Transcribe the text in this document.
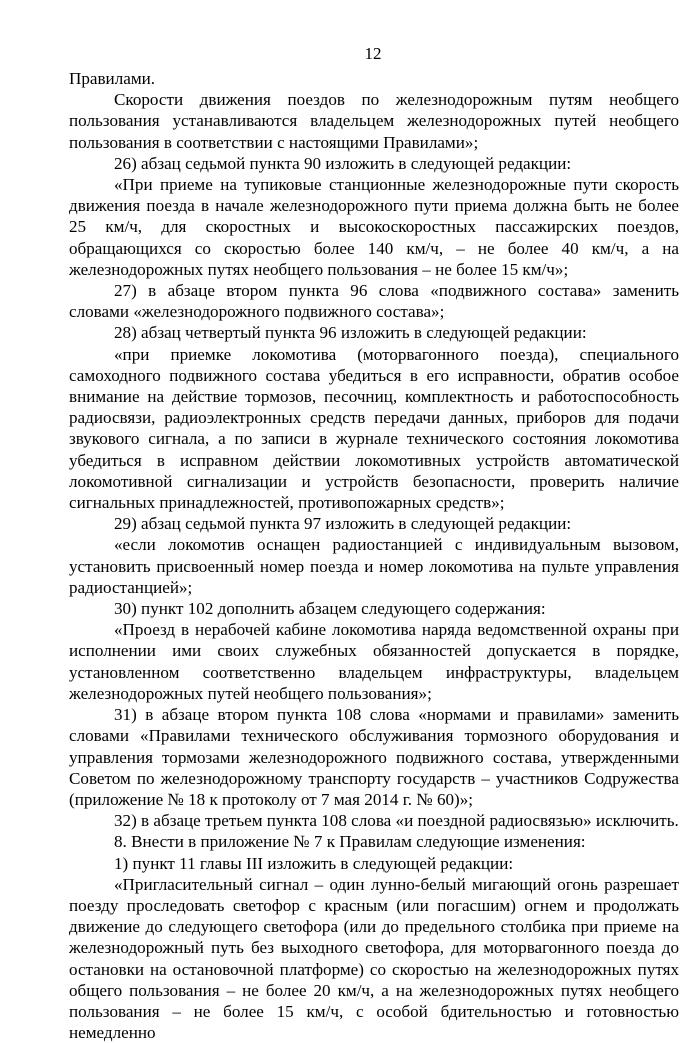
12

Правилами.

Скорости движения поездов по железнодорожным путям необщего пользования устанавливаются владельцем железнодорожных путей необщего пользования в соответствии с настоящими Правилами»;

26) абзац седьмой пункта 90 изложить в следующей редакции:

«При приеме на тупиковые станционные железнодорожные пути скорость движения поезда в начале железнодорожного пути приема должна быть не более 25 км/ч, для скоростных и высокоскоростных пассажирских поездов, обращающихся со скоростью более 140 км/ч, – не более 40 км/ч, а на железнодорожных путях необщего пользования – не более 15 км/ч»;

27) в абзаце втором пункта 96 слова «подвижного состава» заменить словами «железнодорожного подвижного состава»;

28) абзац четвертый пункта 96 изложить в следующей редакции:

«при приемке локомотива (моторвагонного поезда), специального самоходного подвижного состава убедиться в его исправности, обратив особое внимание на действие тормозов, песочниц, комплектность и работоспособность радиосвязи, радиоэлектронных средств передачи данных, приборов для подачи звукового сигнала, а по записи в журнале технического состояния локомотива убедиться в исправном действии локомотивных устройств автоматической локомотивной сигнализации и устройств безопасности, проверить наличие сигнальных принадлежностей, противопожарных средств»;

29) абзац седьмой пункта 97 изложить в следующей редакции:

«если локомотив оснащен радиостанцией с индивидуальным вызовом, установить присвоенный номер поезда и номер локомотива на пульте управления радиостанцией»;

30) пункт 102 дополнить абзацем следующего содержания:

«Проезд в нерабочей кабине локомотива наряда ведомственной охраны при исполнении ими своих служебных обязанностей допускается в порядке, установленном соответственно владельцем инфраструктуры, владельцем железнодорожных путей необщего пользования»;

31) в абзаце втором пункта 108 слова «нормами и правилами» заменить словами «Правилами технического обслуживания тормозного оборудования и управления тормозами железнодорожного подвижного состава, утвержденными Советом по железнодорожному транспорту государств – участников Содружества (приложение № 18 к протоколу от 7 мая 2014 г. № 60)»;

32) в абзаце третьем пункта 108 слова «и поездной радиосвязью» исключить.

8. Внести в приложение № 7 к Правилам следующие изменения:

1) пункт 11 главы III изложить в следующей редакции:

«Пригласительный сигнал – один лунно-белый мигающий огонь разрешает поезду проследовать светофор с красным (или погасшим) огнем и продолжать движение до следующего светофора (или до предельного столбика при приеме на железнодорожный путь без выходного светофора, для моторвагонного поезда до остановки на остановочной платформе) со скоростью на железнодорожных путях общего пользования – не более 20 км/ч, а на железнодорожных путях необщего пользования – не более 15 км/ч, с особой бдительностью и готовностью немедленно
